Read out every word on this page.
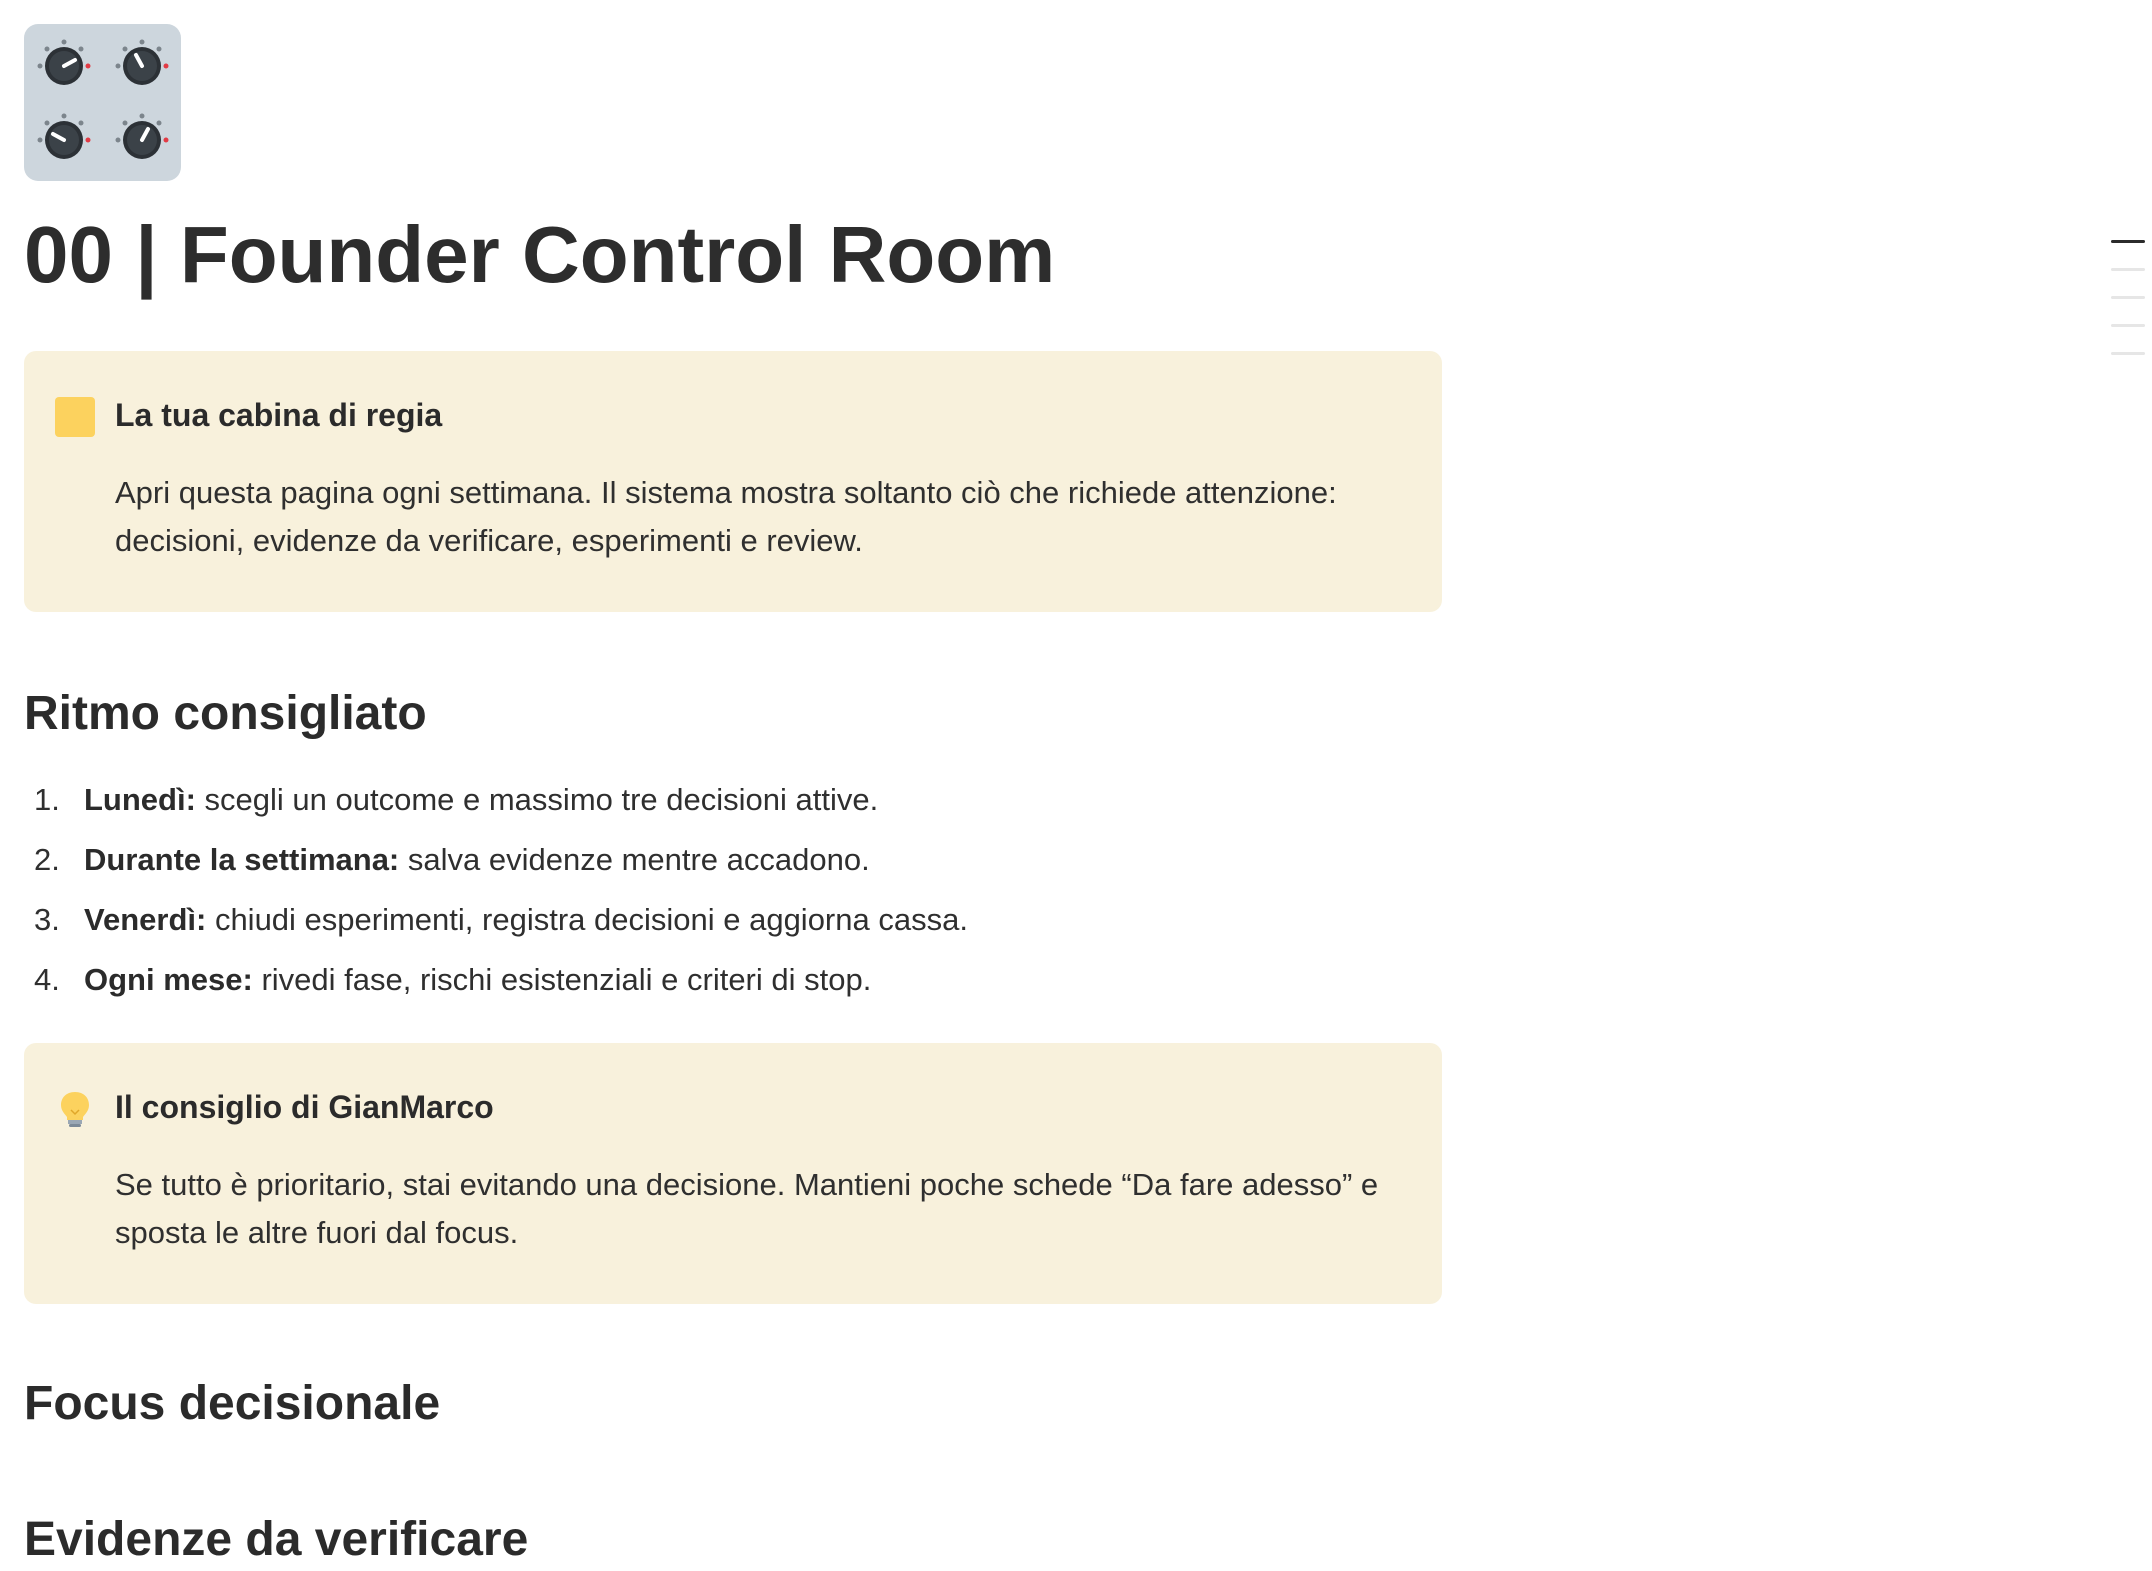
00 | Founder Control Room
La tua cabina di regia
Apri questa pagina ogni settimana. Il sistema mostra soltanto ciò che richiede attenzione: decisioni, evidenze da verificare, esperimenti e review.
Ritmo consigliato
1. Lunedì: scegli un outcome e massimo tre decisioni attive.
2. Durante la settimana: salva evidenze mentre accadono.
3. Venerdì: chiudi esperimenti, registra decisioni e aggiorna cassa.
4. Ogni mese: rivedi fase, rischi esistenziali e criteri di stop.
Il consiglio di GianMarco
Se tutto è prioritario, stai evitando una decisione. Mantieni poche schede “Da fare adesso” e sposta le altre fuori dal focus.
Focus decisionale
Evidenze da verificare
